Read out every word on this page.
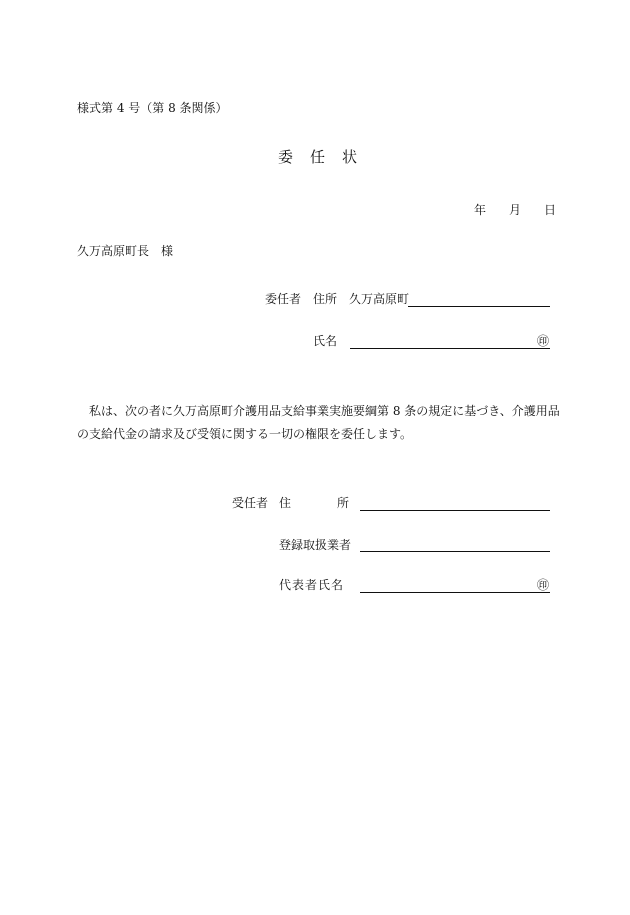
様式第 4 号（第 8 条関係）
委　任　状
年 月 日
久万高原町長　様
委任者 住所 久万高原町
氏名	㊞
　私は、次の者に久万高原町介護用品支給事業実施要綱第 8 条の規定に基づき、介護用品
の支給代金の請求及び受領に関する一切の権限を委任します。
受任者 住	所
登録取扱業者
代表者氏名	㊞
